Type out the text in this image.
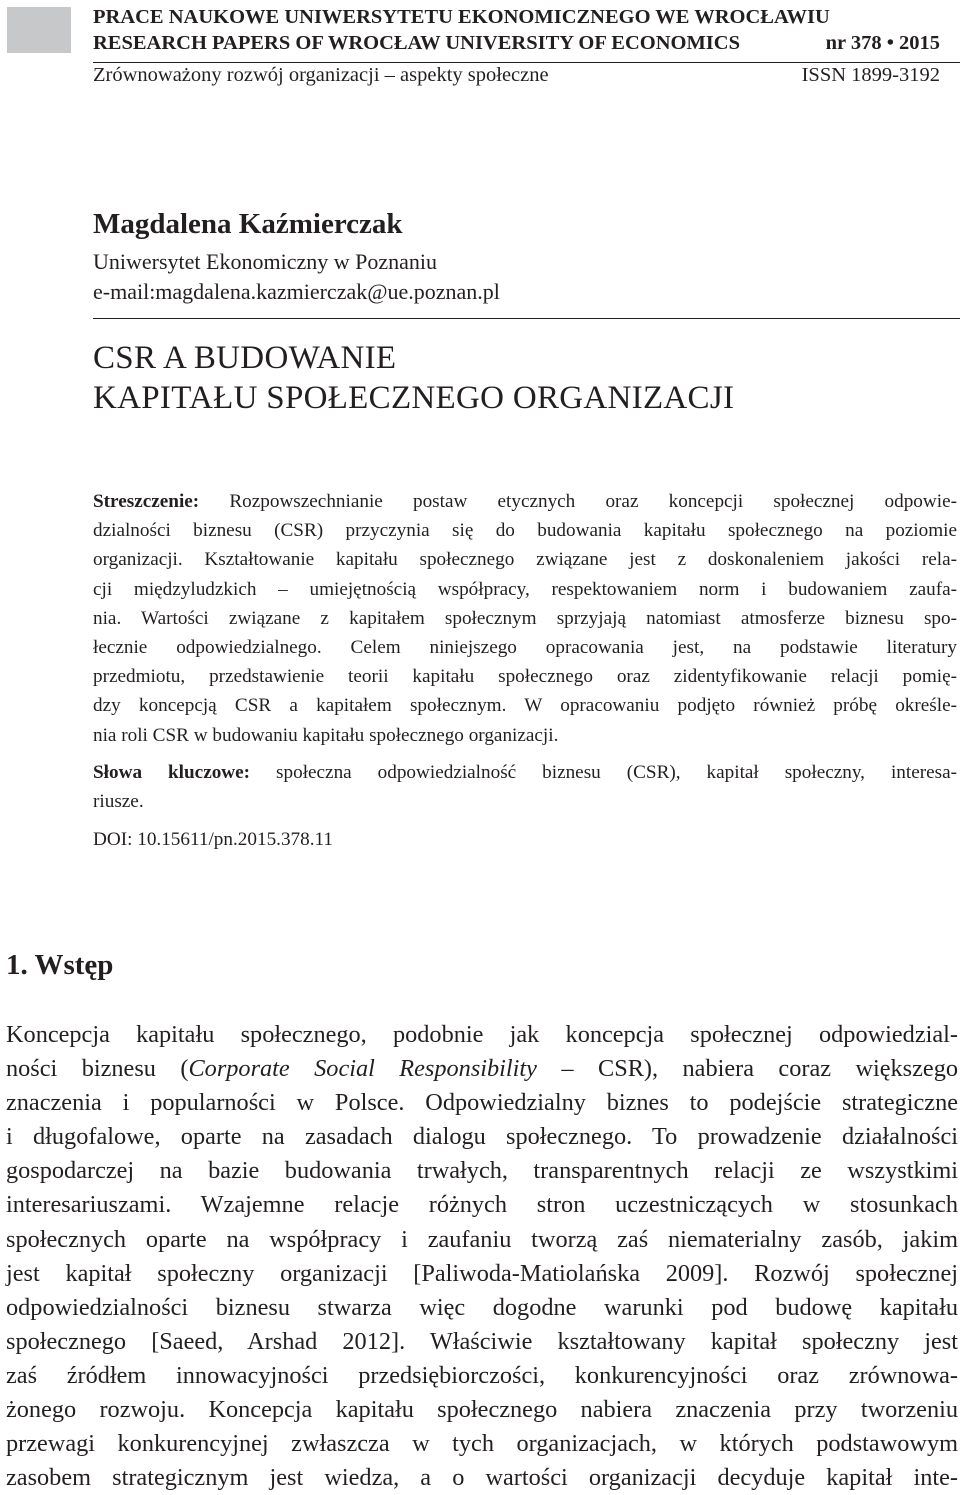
PRACE NAUKOWE UNIWERSYTETU EKONOMICZNEGO WE WROCŁAWIU
RESEARCH PAPERS OF WROCŁAW UNIVERSITY OF ECONOMICS	nr 378 • 2015
Zrównoważony rozwój organizacji – aspekty społeczne	ISSN 1899-3192
Magdalena Kaźmierczak
Uniwersytet Ekonomiczny w Poznaniu
e-mail:magdalena.kazmierczak@ue.poznan.pl
CSR A BUDOWANIE
KAPITAŁU SPOŁECZNEGO ORGANIZACJI
Streszczenie: Rozpowszechnianie postaw etycznych oraz koncepcji społecznej odpowie-
dzialności biznesu (CSR) przyczynia się do budowania kapitału społecznego na poziomie
organizacji. Kształtowanie kapitału społecznego związane jest z doskonaleniem jakości rela-
cji międzyludzkich – umiejętnością współpracy, respektowaniem norm i budowaniem zaufa-
nia. Wartości związane z kapitałem społecznym sprzyjają natomiast atmosferze biznesu spo-
łecznie odpowiedzialnego. Celem niniejszego opracowania jest, na podstawie literatury
przedmiotu, przedstawienie teorii kapitału społecznego oraz zidentyfikowanie relacji pomię-
dzy koncepcją CSR a kapitałem społecznym. W opracowaniu podjęto również próbę określe-
nia roli CSR w budowaniu kapitału społecznego organizacji.
Słowa kluczowe: społeczna odpowiedzialność biznesu (CSR), kapitał społeczny, interesa-
riusze.
DOI: 10.15611/pn.2015.378.11
1. Wstęp
Koncepcja kapitału społecznego, podobnie jak koncepcja społecznej odpowiedzial-
ności biznesu (Corporate Social Responsibility – CSR), nabiera coraz większego
znaczenia i popularności w Polsce. Odpowiedzialny biznes to podejście strategiczne
i długofalowe, oparte na zasadach dialogu społecznego. To prowadzenie działalności
gospodarczej na bazie budowania trwałych, transparentnych relacji ze wszystkimi
interesariuszami. Wzajemne relacje różnych stron uczestniczących w stosunkach
społecznych oparte na współpracy i zaufaniu tworzą zaś niematerialny zasób, jakim
jest kapitał społeczny organizacji [Paliwoda-Matiolańska 2009]. Rozwój społecznej
odpowiedzialności biznesu stwarza więc dogodne warunki pod budowę kapitału
społecznego [Saeed, Arshad 2012]. Właściwie kształtowany kapitał społeczny jest
zaś źródłem innowacyjności przedsiębiorczości, konkurencyjności oraz zrównowa-
żonego rozwoju. Koncepcja kapitału społecznego nabiera znaczenia przy tworzeniu
przewagi konkurencyjnej zwłaszcza w tych organizacjach, w których podstawowym
zasobem strategicznym jest wiedza, a o wartości organizacji decyduje kapitał inte-
